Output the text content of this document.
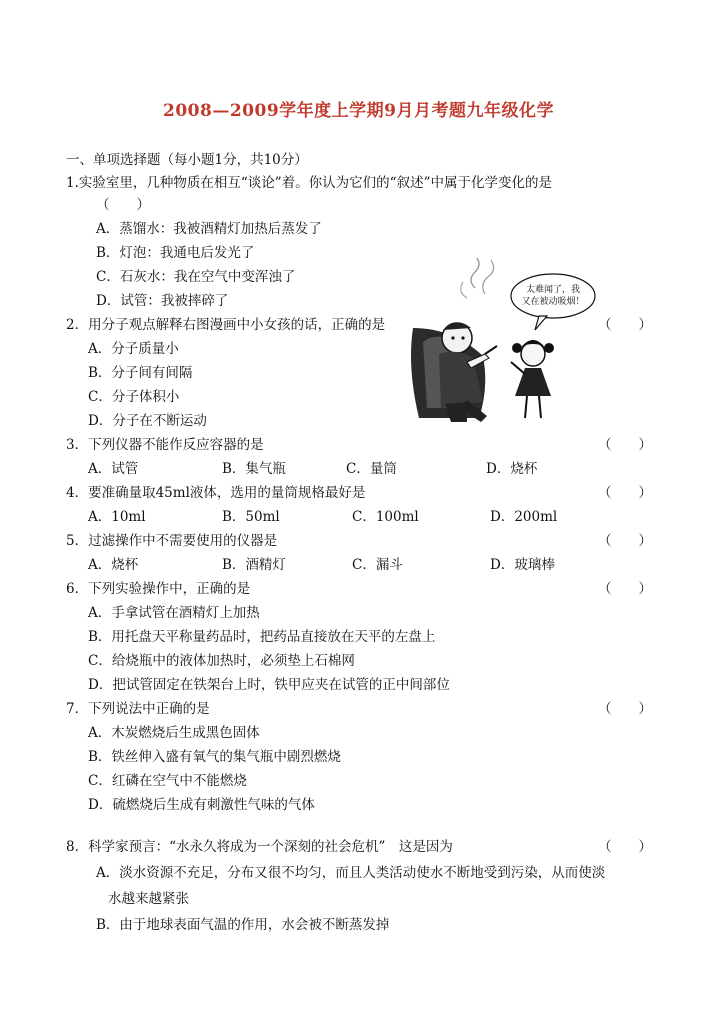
2008—2009学年度上学期9月月考题九年级化学
一、单项选择题（每小题1分，共10分）
1.实验室里，几种物质在相互“谈论”着。你认为它们的“叙述”中属于化学变化的是
（　　）
A．蒸馏水：我被酒精灯加热后蒸发了
B．灯泡：我通电后发光了
C．石灰水：我在空气中变浑浊了
D．试管：我被摔碎了
2．用分子观点解释右图漫画中小女孩的话，正确的是	（　　）
A．分子质量小
B．分子间有间隔
C．分子体积小
D．分子在不断运动
太难闻了，我
又在被动吸烟！
3．下列仪器不能作反应容器的是	（　　）
A．试管	B．集气瓶	C．量筒	D．烧杯
4．要准确量取45ml液体，选用的量筒规格最好是	（　　）
A．10ml	B．50ml	C．100ml	D．200ml
5．过滤操作中不需要使用的仪器是	（　　）
A．烧杯	B．酒精灯	C．漏斗	D．玻璃棒
6．下列实验操作中，正确的是	（　　）
A．手拿试管在酒精灯上加热
B．用托盘天平称量药品时，把药品直接放在天平的左盘上
C．给烧瓶中的液体加热时，必须垫上石棉网
D．把试管固定在铁架台上时，铁甲应夹在试管的正中间部位
7．下列说法中正确的是	（　　）
A．木炭燃烧后生成黑色固体
B．铁丝伸入盛有氧气的集气瓶中剧烈燃烧
C．红磷在空气中不能燃烧
D．硫燃烧后生成有刺激性气味的气体
8．科学家预言：“水永久将成为一个深刻的社会危机”　这是因为	（　　）
A．淡水资源不充足，分布又很不均匀，而且人类活动使水不断地受到污染，从而使淡
水越来越紧张
B．由于地球表面气温的作用，水会被不断蒸发掉
